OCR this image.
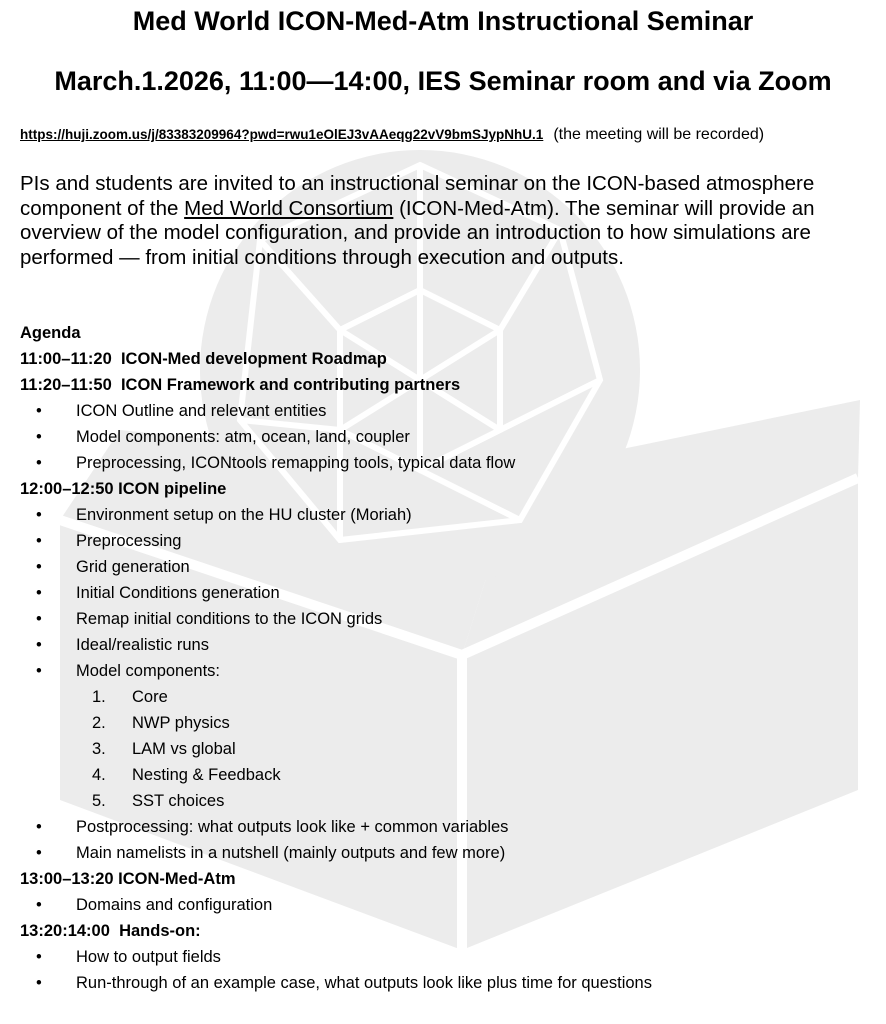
Med World ICON-Med-Atm Instructional Seminar
March.1.2026, 11:00—14:00, IES Seminar room and via Zoom
https://huji.zoom.us/j/83383209964?pwd=rwu1eOlEJ3vAAeqg22vV9bmSJypNhU.1 (the meeting will be recorded)

PIs and students are invited to an instructional seminar on the ICON-based atmosphere component of the Med World Consortium (ICON-Med-Atm). The seminar will provide an overview of the model configuration, and provide an introduction to how simulations are performed — from initial conditions through execution and outputs.

Agenda
11:00–11:20 ICON-Med development Roadmap
11:20–11:50 ICON Framework and contributing partners
• ICON Outline and relevant entities
• Model components: atm, ocean, land, coupler
• Preprocessing, ICONtools remapping tools, typical data flow
12:00–12:50 ICON pipeline
• Environment setup on the HU cluster (Moriah)
• Preprocessing
• Grid generation
• Initial Conditions generation
• Remap initial conditions to the ICON grids
• Ideal/realistic runs
• Model components:
1. Core
2. NWP physics
3. LAM vs global
4. Nesting & Feedback
5. SST choices
• Postprocessing: what outputs look like + common variables
• Main namelists in a nutshell (mainly outputs and few more)
13:00–13:20 ICON-Med-Atm
• Domains and configuration
13:20:14:00 Hands-on:
• How to output fields
• Run-through of an example case, what outputs look like plus time for questions
